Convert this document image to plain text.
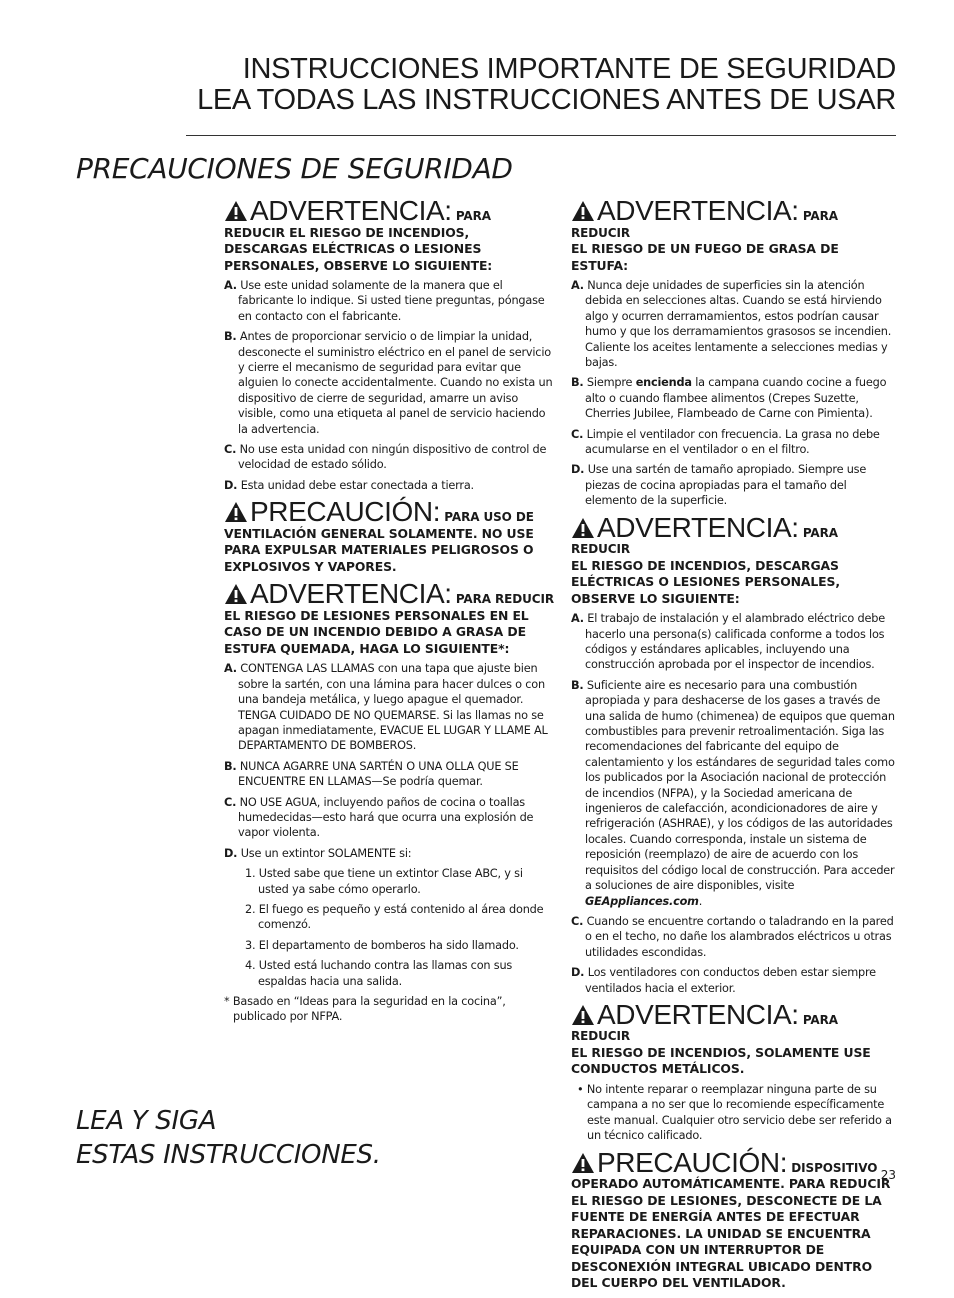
INSTRUCCIONES IMPORTANTE DE SEGURIDAD
LEA TODAS LAS INSTRUCCIONES ANTES DE USAR
PRECAUCIONES DE SEGURIDAD
ADVERTENCIA: PARA
REDUCIR EL RIESGO DE INCENDIOS, DESCARGAS ELÉCTRICAS O LESIONES PERSONALES, OBSERVE LO SIGUIENTE:
A. Use este unidad solamente de la manera que el fabricante lo indique. Si usted tiene preguntas, póngase en contacto con el fabricante.
B. Antes de proporcionar servicio o de limpiar la unidad, desconecte el suministro eléctrico en el panel de servicio y cierre el mecanismo de seguridad para evitar que alguien lo conecte accidentalmente. Cuando no exista un dispositivo de cierre de seguridad, amarre un aviso visible, como una etiqueta al panel de servicio haciendo la advertencia.
C. No use esta unidad con ningún dispositivo de control de velocidad de estado sólido.
D. Esta unidad debe estar conectada a tierra.
PRECAUCIÓN: PARA USO DE
VENTILACIÓN GENERAL SOLAMENTE. NO USE PARA EXPULSAR MATERIALES PELIGROSOS O EXPLOSIVOS Y VAPORES.
ADVERTENCIA: PARA REDUCIR
EL RIESGO DE LESIONES PERSONALES EN EL CASO DE UN INCENDIO DEBIDO A GRASA DE ESTUFA QUEMADA, HAGA LO SIGUIENTE*:
A. CONTENGA LAS LLAMAS con una tapa que ajuste bien sobre la sartén, con una lámina para hacer dulces o con una bandeja metálica, y luego apague el quemador. TENGA CUIDADO DE NO QUEMARSE. Si las llamas no se apagan inmediatamente, EVACUE EL LUGAR Y LLAME AL DEPARTAMENTO DE BOMBEROS.
B. NUNCA AGARRE UNA SARTÉN O UNA OLLA QUE SE ENCUENTRE EN LLAMAS—Se podría quemar.
C. NO USE AGUA, incluyendo paños de cocina o toallas humedecidas—esto hará que ocurra una explosión de vapor violenta.
D. Use un extintor SOLAMENTE si:
1. Usted sabe que tiene un extintor Clase ABC, y si usted ya sabe cómo operarlo.
2. El fuego es pequeño y está contenido al área donde comenzó.
3. El departamento de bomberos ha sido llamado.
4. Usted está luchando contra las llamas con sus espaldas hacia una salida.
* Basado en “Ideas para la seguridad en la cocina”, publicado por NFPA.
ADVERTENCIA: PARA REDUCIR
EL RIESGO DE UN FUEGO DE GRASA DE ESTUFA:
A. Nunca deje unidades de superficies sin la atención debida en selecciones altas. Cuando se está hirviendo algo y ocurren derramamientos, estos podrían causar humo y que los derramamientos grasosos se incendien. Caliente los aceites lentamente a selecciones medias y bajas.
B. Siempre encienda la campana cuando cocine a fuego alto o cuando flambee alimentos (Crepes Suzette, Cherries Jubilee, Flambeado de Carne con Pimienta).
C. Limpie el ventilador con frecuencia. La grasa no debe acumularse en el ventilador o en el filtro.
D. Use una sartén de tamaño apropiado. Siempre use piezas de cocina apropiadas para el tamaño del elemento de la superficie.
ADVERTENCIA: PARA REDUCIR
EL RIESGO DE INCENDIOS, DESCARGAS ELÉCTRICAS O LESIONES PERSONALES, OBSERVE LO SIGUIENTE:
A. El trabajo de instalación y el alambrado eléctrico debe hacerlo una persona(s) calificada conforme a todos los códigos y estándares aplicables, incluyendo una construcción aprobada por el inspector de incendios.
B. Suficiente aire es necesario para una combustión apropiada y para deshacerse de los gases a través de una salida de humo (chimenea) de equipos que queman combustibles para prevenir retroalimentación. Siga las recomendaciones del fabricante del equipo de calentamiento y los estándares de seguridad tales como los publicados por la Asociación nacional de protección de incendios (NFPA), y la Sociedad americana de ingenieros de calefacción, acondicionadores de aire y refrigeración (ASHRAE), y los códigos de las autoridades locales. Cuando corresponda, instale un sistema de reposición (reemplazo) de aire de acuerdo con los requisitos del código local de construcción. Para acceder a soluciones de aire disponibles, visite GEAppliances.com.
C. Cuando se encuentre cortando o taladrando en la pared o en el techo, no dañe los alambrados eléctricos u otras utilidades escondidas.
D. Los ventiladores con conductos deben estar siempre ventilados hacia el exterior.
ADVERTENCIA: PARA REDUCIR
EL RIESGO DE INCENDIOS, SOLAMENTE USE CONDUCTOS METÁLICOS.
• No intente reparar o reemplazar ninguna parte de su campana a no ser que lo recomiende específicamente este manual. Cualquier otro servicio debe ser referido a un técnico calificado.
PRECAUCIÓN: DISPOSITIVO
OPERADO AUTOMÁTICAMENTE. PARA REDUCIR EL RIESGO DE LESIONES, DESCONECTE DE LA FUENTE DE ENERGÍA ANTES DE EFECTUAR REPARACIONES. LA UNIDAD SE ENCUENTRA EQUIPADA CON UN INTERRUPTOR DE DESCONEXIÓN INTEGRAL UBICADO DENTRO DEL CUERPO DEL VENTILADOR.
LEA Y SIGA
ESTAS INSTRUCCIONES.
23
